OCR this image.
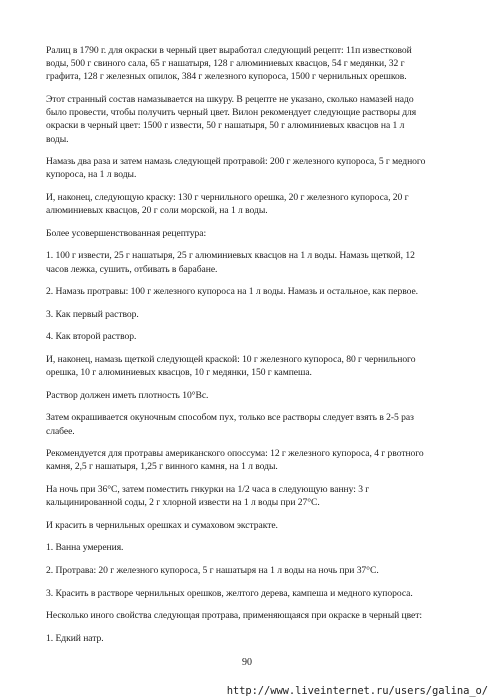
Ралиц в 1790 г. для окраски в черный цвет выработал следующий рецепт: 11п известковой
воды, 500 г свиного сала, 65 г нашатыря, 128 г алюминиевых квасцов, 54 г медянки, 32 г
графита, 128 г железных опилок, 384 г железного купороса, 1500 г чернильных орешков.
Этот странный состав намазывается на шкуру. В рецепте не указано, сколько намазей надо
было провести, чтобы получить черный цвет. Вилон рекомендует следующие растворы для
окраски в черный цвет: 1500 г извести, 50 г нашатыря, 50 г алюминиевых квасцов на 1 л
воды.
Намазь два раза и затем намазь следующей протравой: 200 г железного купороса, 5 г медного
купороса, на 1 л воды.
И, наконец, следующую краску: 130 г чернильного орешка, 20 г железного купороса, 20 г
алюминиевых квасцов, 20 г соли морской, на 1 л воды.
Более усовершенствованная рецептура:
1. 100 г извести, 25 г нашатыря, 25 г алюминиевых квасцов на 1 л воды. Намазь щеткой, 12
часов лежка, сушить, отбивать в барабане.
2. Намазь протравы: 100 г железного купороса на 1 л воды. Намазь и остальное, как первое.
3. Как первый раствор.
4. Как второй раствор.
И, наконец, намазь щеткой следующей краской: 10 г железного купороса, 80 г чернильного
орешка, 10 г алюминиевых квасцов, 10 г медянки, 150 г кампеша.
Раствор должен иметь плотность 10°Вс.
Затем окрашивается окуночным способом пух, только все растворы следует взять в 2-5 раз
слабее.
Рекомендуется для протравы американского опоссума: 12 г железного купороса, 4 г рвотного
камня, 2,5 г нашатыря, 1,25 г винного камня, на 1 л воды.
На ночь при 36°С, затем поместить гнкурки на 1/2 часа в следующую ванну: 3 г
кальцинированной соды, 2 г хлорной извести на 1 л воды при 27°С.
И красить в чернильных орешках и сумаховом экстракте.
1. Ванна умерения.
2. Протрава: 20 г железного купороса, 5 г нашатыря на 1 л воды на ночь при 37°С.
3. Красить в растворе чернильных орешков, желтого дерева, кампеша и медного купороса.
Несколько иного свойства следующая протрава, применяющаяся при окраске в черный цвет:
1. Едкий натр.
90
http://www.liveinternet.ru/users/galina_o/
